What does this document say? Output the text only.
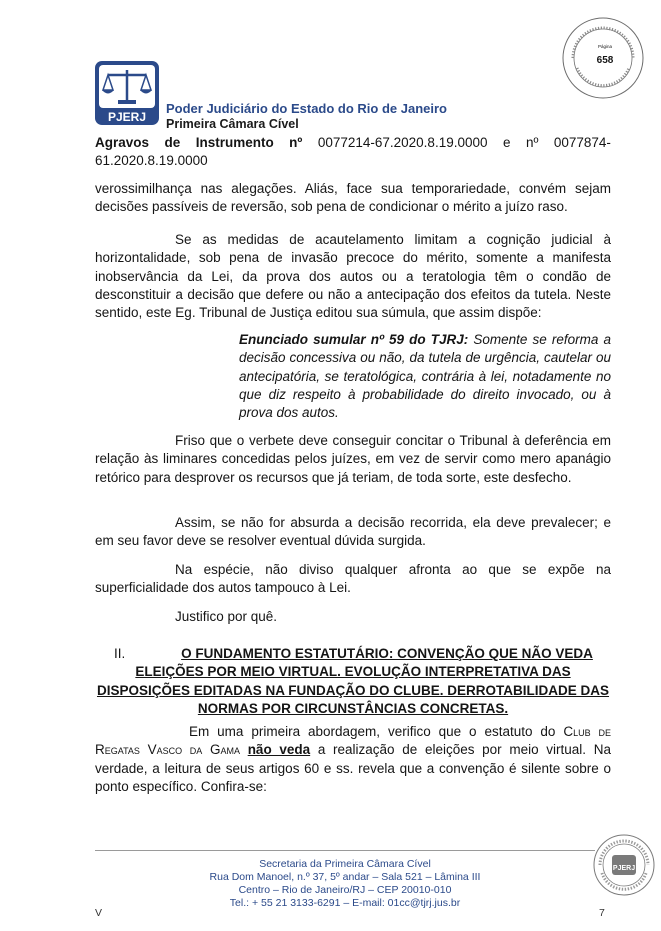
Página
658
PJERJ
Poder Judiciário do Estado do Rio de Janeiro
Primeira Câmara Cível
Agravos de Instrumento nº 0077214-67.2020.8.19.0000 e nº 0077874-
61.2020.8.19.0000
verossimilhança nas alegações. Aliás, face sua temporariedade, convém sejam decisões passíveis de reversão, sob pena de condicionar o mérito a juízo raso.
Se as medidas de acautelamento limitam a cognição judicial à horizontalidade, sob pena de invasão precoce do mérito, somente a manifesta inobservância da Lei, da prova dos autos ou a teratologia têm o condão de desconstituir a decisão que defere ou não a antecipação dos efeitos da tutela. Neste sentido, este Eg. Tribunal de Justiça editou sua súmula, que assim dispõe:
Enunciado sumular nº 59 do TJRJ: Somente se reforma a decisão concessiva ou não, da tutela de urgência, cautelar ou antecipatória, se teratológica, contrária à lei, notadamente no que diz respeito à probabilidade do direito invocado, ou à prova dos autos.
Friso que o verbete deve conseguir concitar o Tribunal à deferência em relação às liminares concedidas pelos juízes, em vez de servir como mero apanágio retórico para desprover os recursos que já teriam, de toda sorte, este desfecho.
Assim, se não for absurda a decisão recorrida, ela deve prevalecer; e em seu favor deve se resolver eventual dúvida surgida.
Na espécie, não diviso qualquer afronta ao que se expõe na superficialidade dos autos tampouco à Lei.
Justifico por quê.
II.	O FUNDAMENTO ESTATUTÁRIO: CONVENÇÃO QUE NÃO VEDA ELEIÇÕES POR MEIO VIRTUAL. EVOLUÇÃO INTERPRETATIVA DAS DISPOSIÇÕES EDITADAS NA FUNDAÇÃO DO CLUBE. DERROTABILIDADE DAS NORMAS POR CIRCUNSTÂNCIAS CONCRETAS.
Em uma primeira abordagem, verifico que o estatuto do Club de Regatas Vasco da Gama não veda a realização de eleições por meio virtual. Na verdade, a leitura de seus artigos 60 e ss. revela que a convenção é silente sobre o ponto específico. Confira-se:
Secretaria da Primeira Câmara Cível
Rua Dom Manoel, n.º 37, 5º andar – Sala 521 – Lâmina III
Centro – Rio de Janeiro/RJ – CEP 20010-010
Tel.: + 55 21 3133-6291 – E-mail: 01cc@tjrj.jus.br
V	7
PJERJ
